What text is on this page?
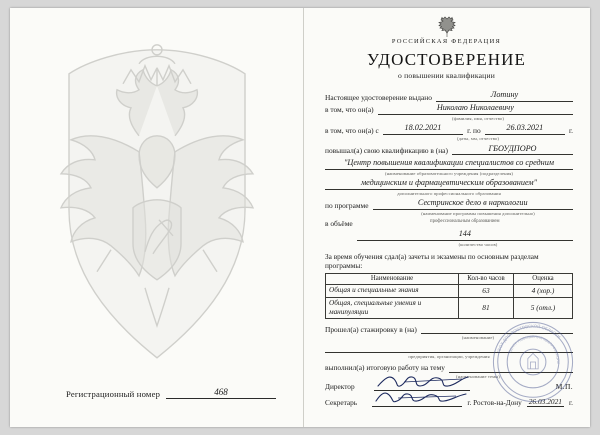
Регистрационный номер	468
РОССИЙСКАЯ ФЕДЕРАЦИЯ
УДОСТОВЕРЕНИЕ
о повышении квалификации
Настоящее удостоверение выдано	Лотину
в том, что он(а)	Николаю Николаевичу
(фамилия, имя, отчество)
в том, что он(а) с	18.02.2021	г. по	26.03.2021	г.
(даты, мм, отчество)
повышал(а) свою квалификацию в (на)	ГБОУДПОРО
"Центр повышения квалификации специалистов со средним
(наименование образовательного учреждения (подразделения)
медицинским и фармацевтическим образованием"
дополнительного профессионального образования
по программе	Сестринское дело в наркологии
(наименование программы повышения дополнительно)
в объёме	профессиональным образованием
144
(количество часов)
За время обучения сдал(а) зачеты и экзамены по основным разделам программы:
Наименование	Кол-во часов	Оценка
Общая и специальные знания	63	4 (хор.)
Общая, специальные умения и манипуляции	81	5 (отл.)
Прошел(а) стажировку в (на)
(наименование)
предприятия, организации, учреждения
выполнил(а) итоговую работу на тему
(наименование темы)
Директор	М.П.
Секретарь	г. Ростов-на-Дону 26.03.2021 г.
ГБОУ ДПО РОСТОВСКОЙ ОБЛАСТИ
ЦЕНТР ПОВЫШЕНИЯ КВАЛИФИКАЦИИ
